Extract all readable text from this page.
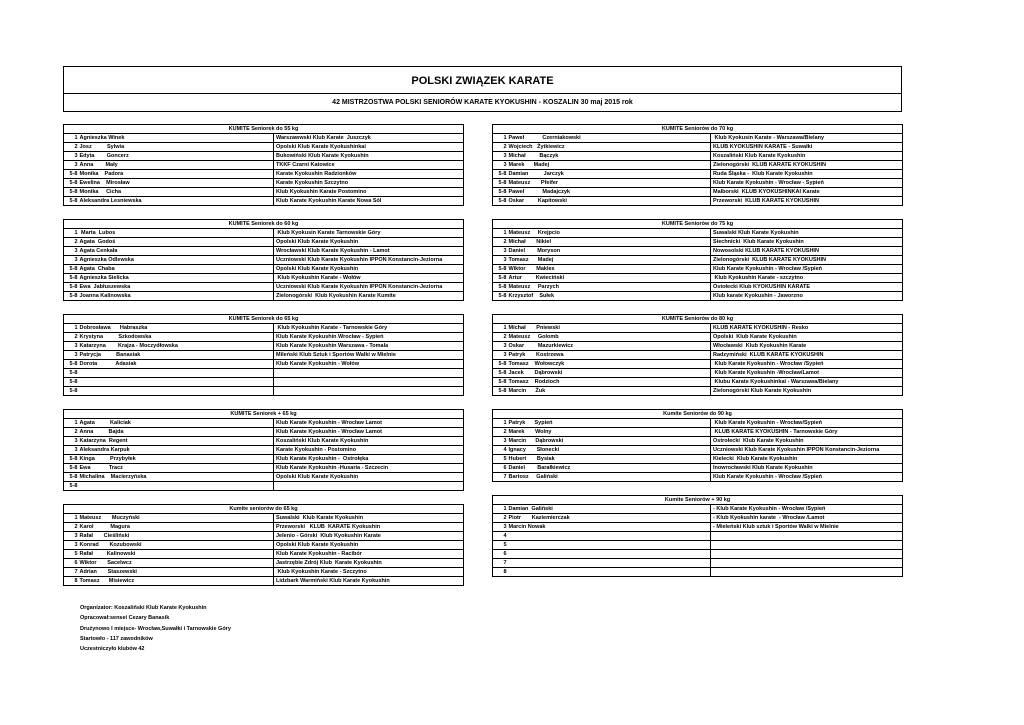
POLSKI ZWIĄZEK KARATE
42 MISTRZOSTWA POLSKI SENIORÓW KARATE KYOKUSHIN - KOSZALIN 30 maj 2015 rok
KUMITE Seniorek do 55 kg		
1	Agnieszka Winek	Warszawwski Klub Karate  Juszczyk
2	Josz          Sylwia	Opolski Klub Karate Kyokushinkai
3	Edyta        Goncerz	Bukowiński Klub Karate Kyokushin
3	Anna        Mały	TKKF Czarni Katowice
5-8	Monika    Padora	Karate Kyokushin Radzionków
5-8	Ewelina    Mirosław	Karate Kyokushin Szczytno
5-8	Monika     Cicha	Klub Kyokushin Karate Postomino
5-8	Aleksandra Lesniewska	Klub Karate Kyokushin Karate Nowa Sól

KUMITE Seniorek do 60 kg		
1	Marta  Lubos	Klub Kyokusin Karate Tarnowskie Góry
2	Agata  Godoś	Opolski Klub Karate Kyokushin
3	Agata Cenkała	Wrocławski Klub Karate Kyokushin - Lamot
3	Agnieszka Odlewska	Uczniowski Klub Karate Kyokushin IPPON Konstancin-Jeziorna
5-8	Agata  Chaba	Opolski Klub Karate Kyokushin
5-8	Agnieszka Sielicka	Klub Kyokushin Karate - Wołów
5-8	Ewa  Jabłuszewska	Uczniowski Klub Karate Kyokushin IPPON Konstancin-Jeziorna
5-8	Joanna Kalinowska	Zielonogórski  Klub Kyokushin Karate Kumite

KUMITE Seniorek do 65 kg		
1	Dobrosława      Habraszka	Klub Kyokushin Karate - Tarnowskie Góry
2	Krystyna          Szkodowska	Klub Karate Kyokushin Wrocław - Sypień
3	Katarzyna        Krajza - Moczydłowska	Klub Karate Kyokushin Warszawa - Tomala
3	Patrycja          Banasiak	Mileński Klub Sztuk i Sportów Walki w Mielnie
5-8	Dorota            Adasiak	Klub Karate Kyokushin - Wołów
5-8		
5-8		
5-8		

KUMITE Seniorek + 65 kg		
1	Agata          Kaliciak	Klub Karate Kyokushin - Wrocław Lamot
2	Anna          Bajda	Klub Karate Kyokushin - Wrocław Lamot
3	Katarzyna  Regent	Koszaliński Klub Karate Kyokushin
3	Aleksandra Karpuk	Karate Kyokushin - Postomino
5-8	Kinga          Przybyłek	Klub Karate Kyokushin -  Ostrołęka
5-8	Ewa            Tracz	Klub Karate Kyokushin -Husaria - Szczecin
5-8	Michalina    Macierzyńska	Opolski Klub Karate Kyokushin
5-8		

Kumite seniorów do 65 kg		
1	Mateusz       Muczyński	Suwalski  Klub Karate Kyokushin
2	Karol           Magura	Przeworski   KLUB  KARATE Kyokushin
3	Rafał       Cieśliński	Jelenio - Górski  Klub Kyokushin Karate
3	Konrad       Kozubowski	Opolski Klub Karate Kyokushin
5	Rafał         Kalinowski	Klub Karate Kyokushin - Racibór
6	Wiktor       Sacelwcz	Jastrzębie Zdrój Klub  Karate Kyokushin
7	Adrian       Staszewski	Klub Kyokushin Karate - Szczytno
8	Tomasz      Misiewicz	Lidzbark Warmiński Klub Karate Kyokushin
KUMITE Seniorów do 70 kg		
1	Paweł            Czerniakowski	Klub Kyokusin Karate - Warszawa/Bielany
2	Wojciech   Żytkiewicz	KLUB KYOKUSHIN KARATE - Suwałki
3	Michał         Bączyk	Koszaliński Klub Karate Kyokushin
3	Marek      Madej	Zielonogórski  KLUB KARATE KYOKUSHIN
5-8	Damian          Jarczyk	Ruda Śląska -  Klub Karate Kyokushin
5-8	Mateusz       Pfeifer	Klub Karate Kyokushin - Wrocław - Sypień
5-8	Paweł            Madajczyk	Malborski  KLUB KYOKUSHINKAI Karate
5-8	Oskar         Kapitowski	Przeworski  KLUB KARATE KYOKUSHIN

KUMITE Seniorów do 75 kg		
1	Mateusz     Krejpcio	Suwalski Klub Karate Kyokushin
2	Michał       Nikiel	Siechnicki  Klub Karate Kyokushin
3	Daniel        Moryson	Nowosolski KLUB KARATE KYOKUSHIN
3	Tomasz      Madej	Zielonogórski  KLUB KARATE KYOKUSHIN
5-8	Wiktor       Makles	Klub Karate Kyokushin - Wrocław /Sypień
5-8	Artur         Kwieciński	Klub Kyokushin Karate - szczytno
5-8	Mateusz     Parzych	Ostołecki Klub KYOKUSHIN KARATE
5-8	Krzysztof    Sułek	Klub karate Kyokushin - Jaworzno

KUMITE Seniorów do 80 kg		
1	Michał       Pniewski	KLUB KARATE KYOKUSHIN - Resko
2	Mateusz     Golomb	Opolski  Klub Karate Kyokushin
3	Oskar         Mazurkiewicz	Włocławski  Klub Kyokushin Karate
3	Patryk       Kostrzewa	Radzymiński  KLUB KARATE KYOKUSHIN
5-8	Tomasz    Wołowczyk	Klub Karate Kyokushin - Wrocław /Sypień
5-8	Jacek       Dąbrowski	Klub Karate Kyokushin -Wrocław/Lamot
5-8	Tomasz    Rodzioch	Klubu Karate Kyokushinkai - Warszawa/Bielany
5-8	Marcin      Żuk	Zielonogórski Klub Karate Kyokushin

Kumite Seniorów do 90 kg		
1	Patryk      Sypień	Klub Karate Kyokushin - Wrocław/Sypień
2	Marek       Wolny	KLUB KARATE KYOKUSHIN - Tarnowskie Góry
3	Marcin      Dąbrowski	Ostrołecki  Klub Karate Kyokushin
4	Ignacy       Słonecki	Uczniowski Klub Karate Kyokushin IPPON Konstancin-Jeziorna
5	Hubert       Bysiak	Kielecki  Klub Karate Kyokushin
6	Daniel        Barałkiewicz	Inowrocławski Klub Karate Kyokushin
7	Bartosz     Galiński	Klub Karate Kyokushin - Wrocław /Sypień

Kumite Seniorów + 90 kg		
1	Damian  Galiński	- Klub Karate Kyokushin - Wrocław /Sypień
2	Piotr       Kaziemierczak	- Klub Kyokushin karate  - Wrocław /Lamot
3	Marcin Nowak	- Mieleński Klub sztuk i Sportów Walki w Mielnie
4		
5		
6		
7		
8		
Organizator: Koszaliński Klub Karate Kyokushin
Opracował:sensei Cezary Banasik
Drużynowo I miejsce- Wrocław,Suwałki i Tarnowskie Góry
Startowło - 117 zawodników
Uczestniczyło klubów 42
